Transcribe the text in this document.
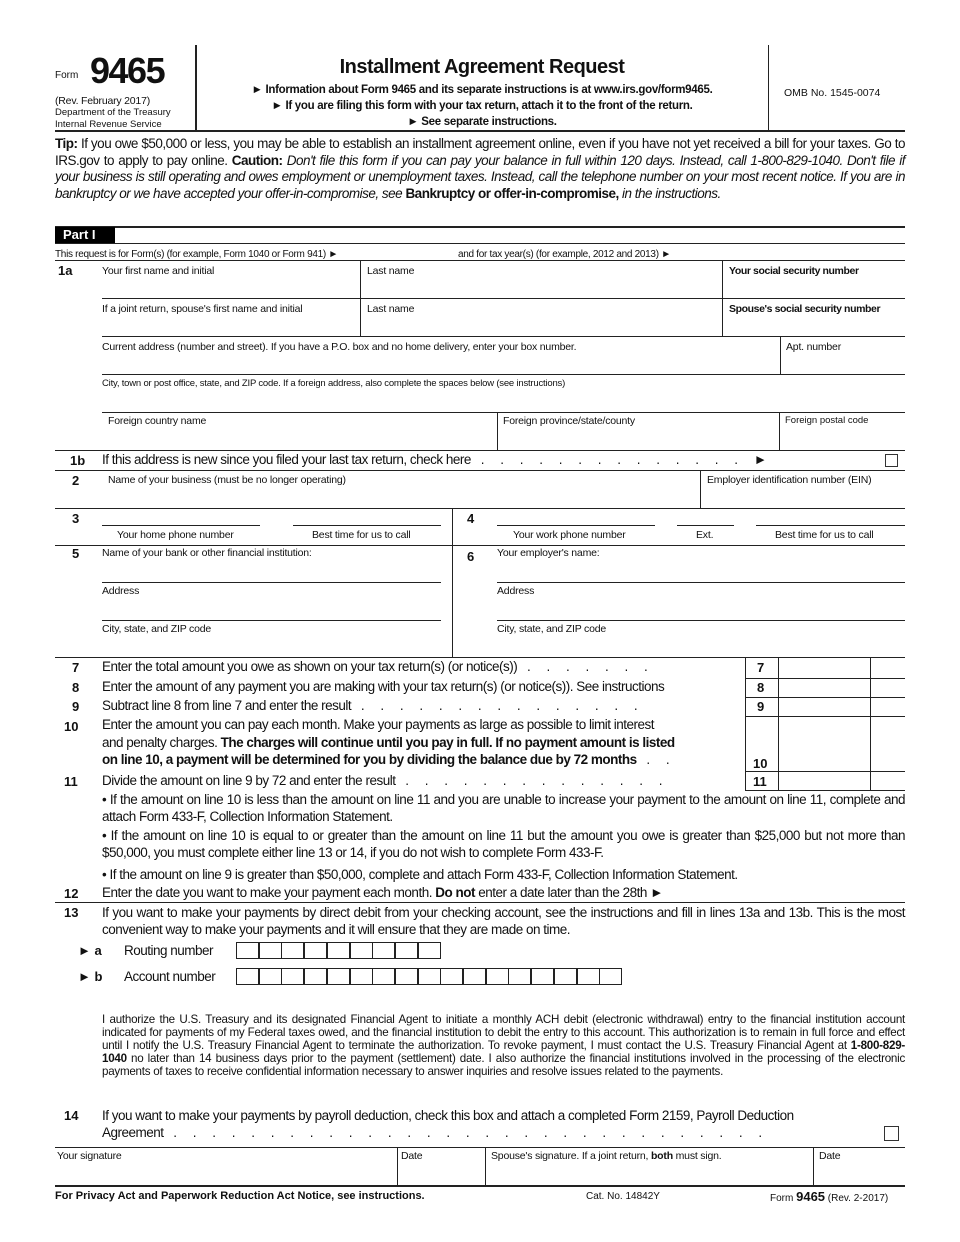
Form 9465
(Rev. February 2017)
Department of the Treasury
Internal Revenue Service
Installment Agreement Request
► Information about Form 9465 and its separate instructions is at www.irs.gov/form9465.
► If you are filing this form with your tax return, attach it to the front of the return.
► See separate instructions.
OMB No. 1545-0074
Tip: If you owe $50,000 or less, you may be able to establish an installment agreement online, even if you have not yet received a bill for your taxes. Go to IRS.gov to apply to pay online. Caution: Don't file this form if you can pay your balance in full within 120 days. Instead, call 1-800-829-1040. Don't file if your business is still operating and owes employment or unemployment taxes. Instead, call the telephone number on your most recent notice. If you are in bankruptcy or we have accepted your offer-in-compromise, see Bankruptcy or offer-in-compromise, in the instructions.
Part I
This request is for Form(s) (for example, Form 1040 or Form 941) ►	and for tax year(s) (for example, 2012 and 2013) ►
1a	Your first name and initial	Last name	Your social security number
If a joint return, spouse's first name and initial	Last name	Spouse's social security number
Current address (number and street). If you have a P.O. box and no home delivery, enter your box number.	Apt. number
City, town or post office, state, and ZIP code. If a foreign address, also complete the spaces below (see instructions)
Foreign country name	Foreign province/state/county	Foreign postal code
1b If this address is new since you filed your last tax return, check here . . . . . . . . . . . . . . ►
2	Name of your business (must be no longer operating)	Employer identification number (EIN)
3
Your home phone number	Best time for us to call
4
Your work phone number	Ext.	Best time for us to call
5 Name of your bank or other financial institution:
Address
City, state, and ZIP code
6 Your employer's name:
Address
City, state, and ZIP code
7 Enter the total amount you owe as shown on your tax return(s) (or notice(s)) . . . . . . .	7
8 Enter the amount of any payment you are making with your tax return(s) (or notice(s)). See instructions	8
9 Subtract line 8 from line 7 and enter the result . . . . . . . . . . . . . . .	9
10 Enter the amount you can pay each month. Make your payments as large as possible to limit interest
and penalty charges. The charges will continue until you pay in full. If no payment amount is listed
on line 10, a payment will be determined for you by dividing the balance due by 72 months . .	10
11 Divide the amount on line 9 by 72 and enter the result . . . . . . . . . . . . . .	11
• If the amount on line 10 is less than the amount on line 11 and you are unable to increase your payment to the amount on line 11, complete and attach Form 433-F, Collection Information Statement.
• If the amount on line 10 is equal to or greater than the amount on line 11 but the amount you owe is greater than $25,000 but not more than $50,000, you must complete either line 13 or 14, if you do not wish to complete Form 433-F.
• If the amount on line 9 is greater than $50,000, complete and attach Form 433-F, Collection Information Statement.
12 Enter the date you want to make your payment each month. Do not enter a date later than the 28th ►
13 If you want to make your payments by direct debit from your checking account, see the instructions and fill in lines 13a and 13b. This is the most convenient way to make your payments and it will ensure that they are made on time.
► a Routing number
► b Account number
I authorize the U.S. Treasury and its designated Financial Agent to initiate a monthly ACH debit (electronic withdrawal) entry to the financial institution account indicated for payments of my Federal taxes owed, and the financial institution to debit the entry to this account. This authorization is to remain in full force and effect until I notify the U.S. Treasury Financial Agent to terminate the authorization. To revoke payment, I must contact the U.S. Treasury Financial Agent at 1-800-829-1040 no later than 14 business days prior to the payment (settlement) date. I also authorize the financial institutions involved in the processing of the electronic payments of taxes to receive confidential information necessary to answer inquiries and resolve issues related to the payments.
14 If you want to make your payments by payroll deduction, check this box and attach a completed Form 2159, Payroll Deduction
Agreement . . . . . . . . . . . . . . . . . . . . . . . . . . . . . . .
Your signature	Date	Spouse's signature. If a joint return, both must sign.	Date
For Privacy Act and Paperwork Reduction Act Notice, see instructions.	Cat. No. 14842Y	Form 9465 (Rev. 2-2017)
